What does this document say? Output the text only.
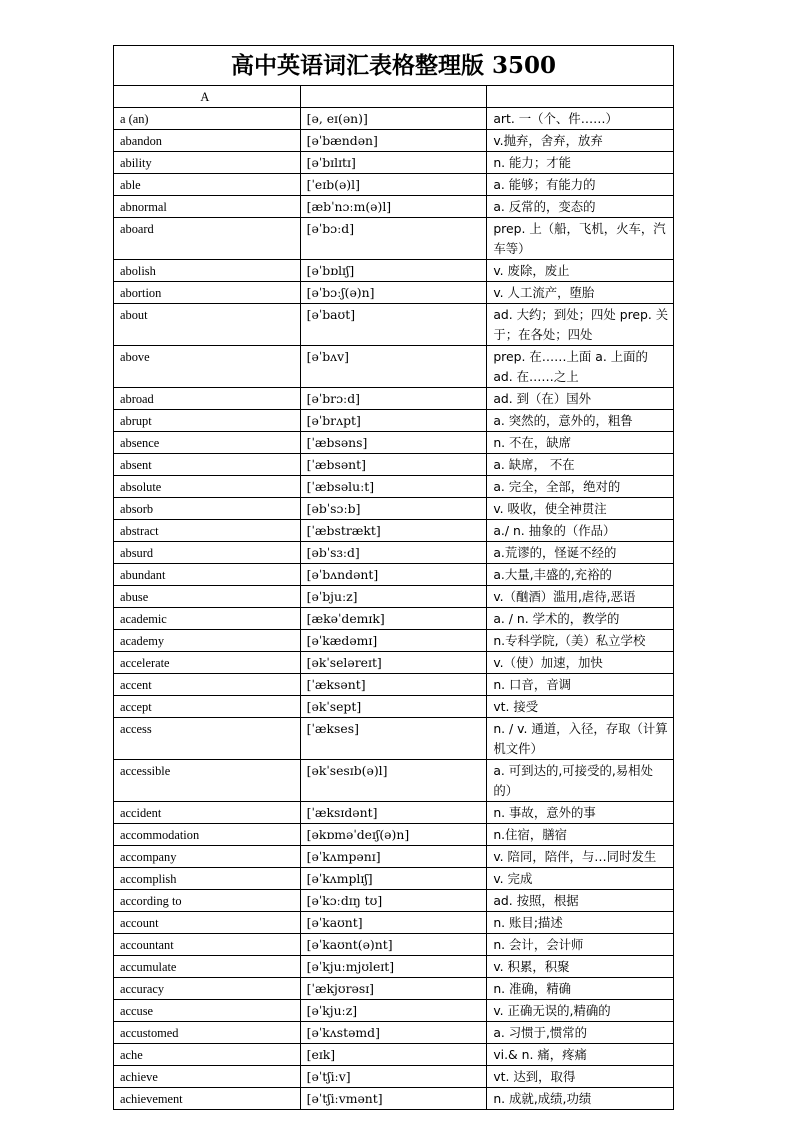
高中英语词汇表格整理版 3500		
A		
a (an)	[ə, eɪ(ən)]	art. 一（个、件……）
abandon	[əˈbændən]	v.抛弃，舍弃，放弃
ability	[əˈbɪlɪtɪ]	n. 能力；才能
able	[ˈeɪb(ə)l]	a. 能够；有能力的
abnormal	[æbˈnɔːm(ə)l]	a. 反常的，变态的
aboard	[əˈbɔːd]	prep. 上（船，飞机，火车，汽车等）
abolish	[əˈbɒlɪʃ]	v. 废除，废止
abortion	[əˈbɔːʃ(ə)n]	v. 人工流产，堕胎
about	[əˈbaʊt]	ad. 大约；到处；四处 prep. 关于；在各处；四处
above	[əˈbʌv]	prep. 在……上面 a. 上面的 ad. 在……之上
abroad	[əˈbrɔːd]	ad. 到（在）国外
abrupt	[əˈbrʌpt]	a. 突然的，意外的，粗鲁
absence	[ˈæbsəns]	n. 不在，缺席
absent	[ˈæbsənt]	a. 缺席， 不在
absolute	[ˈæbsəluːt]	a. 完全，全部，绝对的
absorb	[əbˈsɔːb]	v. 吸收，使全神贯注
abstract	[ˈæbstrækt]	a./ n. 抽象的（作品）
absurd	[əbˈsɜːd]	a.荒谬的，怪诞不经的
abundant	[əˈbʌndənt]	a.大量,丰盛的,充裕的
abuse	[əˈbjuːz]	v.（酗酒）滥用,虐待,恶语
academic	[ækəˈdemɪk]	a. / n. 学术的，教学的
academy	[əˈkædəmɪ]	n.专科学院,（美）私立学校
accelerate	[əkˈseləreɪt]	v.（使）加速，加快
accent	[ˈæksənt]	n. 口音，音调
accept	[əkˈsept]	vt. 接受
access	[ˈækses]	n. / v. 通道，入径，存取（计算机文件）
accessible	[əkˈsesɪb(ə)l]	a. 可到达的,可接受的,易相处的）
accident	[ˈæksɪdənt]	n. 事故，意外的事
accommodation	[əkɒməˈdeɪʃ(ə)n]	n.住宿，膳宿
accompany	[əˈkʌmpənɪ]	v. 陪同，陪伴，与…同时发生
accomplish	[əˈkʌmplɪʃ]	v. 完成
according to	[əˈkɔːdɪŋ tʊ]	ad. 按照，根据
account	[əˈkaʊnt]	n. 账目;描述
accountant	[əˈkaʊnt(ə)nt]	n. 会计，会计师
accumulate	[əˈkjuːmjʊleɪt]	v. 积累，积聚
accuracy	[ˈækjʊrəsɪ]	n. 准确，精确
accuse	[əˈkjuːz]	v. 正确无误的,精确的
accustomed	[əˈkʌstəmd]	a. 习惯于,惯常的
ache	[eɪk]	vi.& n. 痛，疼痛
achieve	[əˈtʃiːv]	vt. 达到，取得
achievement	[əˈtʃiːvmənt]	n. 成就,成绩,功绩
